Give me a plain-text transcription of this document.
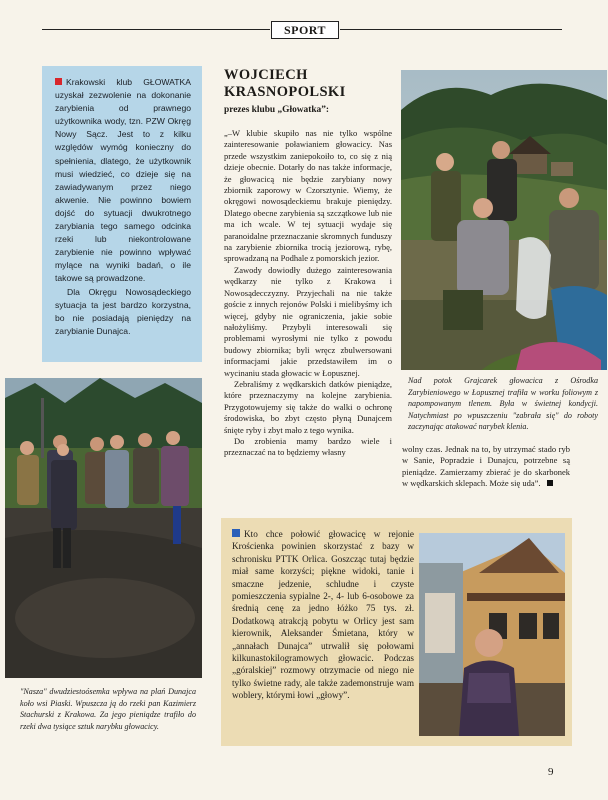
SPORT

Krakowski klub GŁOWATKA uzyskał zezwolenie na dokonanie zarybienia od prawnego użytkownika wody, tzn. PZW Okręg Nowy Sącz. Jest to z kilku względów wymóg konieczny do spełnienia, dlatego, że użytkownik musi wiedzieć, co dzieje się na zawiadywanym przez niego akwenie. Nie powinno bowiem dojść do sytuacji dwukrotnego zarybiania tego samego odcinka rzeki lub niekontrolowane zarybienie nie powinno wpływać mylące na wyniki badań, o ile takowe są prowadzone.

Dla Okręgu Nowosądeckiego sytuacja ta jest bardzo korzystna, bo nie posiadają pieniędzy na zarybianie Dunajca.

Nad potok Grajcarek głowacica z Ośrodka Zarybieniowego w Łopusznej trafiła w worku foliowym z napompowanym tlenem. Była w świetnej kondycji. Natychmiast po wpuszczeniu "zabrała się" do roboty zaczynając atakować narybek klenia.
WOJCIECH
KRASNOPOLSKI
prezes klubu „Głowatka”:

„–W klubie skupiło nas nie tylko wspólne zainteresowanie poławianiem głowacicy. Nas przede wszystkim zaniepokoiło to, co się z nią dzieje obecnie. Dotarły do nas także informacje, że głowacicą nie będzie zarybiany nowy zbiornik zaporowy w Czorsztynie. Wiemy, że okręgowi nowosądeckiemu brakuje pieniędzy. Dlatego obecne zarybienia są szczątkowe lub nie ma ich wcale. W tej sytuacji wydaje się paranoidalne przeznaczanie skromnych funduszy na zarybienie zbiornika trocią jeziorową, rybę, sprowadzaną na Podhale z pomorskich jezior.

Zawody dowiodły dużego zainteresowania wędkarzy nie tylko z Krakowa i Nowosądecczyzny. Przyjechali na nie także goście z innych rejonów Polski i mielibyśmy ich więcej, gdyby nie ograniczenia, jakie sobie nałożyliśmy. Przybyli interesowali się problemami wyrosłymi nie tylko z powodu budowy zbiornika; byli wręcz zbulwersowani informacjami jakie przedstawiłem im o wycinaniu stada głowacic w Łopusznej.

Zebraliśmy z wędkarskich datków pieniądze, które przeznaczymy na kolejne zarybienia. Przygotowujemy się także do walki o ochronę środowiska, bo zbyt często płyną Dunajcem śnięte ryby i zbyt mało z tego wynika.

Do zrobienia mamy bardzo wiele i przeznaczać na to będziemy własny	wolny czas. Jednak na to, by utrzymać stado ryb w Sanie, Popradzie i Dunajcu, potrzebne są pieniądze. Zamierzamy zbierać je do skarbonek w wędkarskich sklepach. Może się uda”.
"Nasza" dwudziestoósemka wpływa na plań Dunajca koło wsi Piaski. Wpuszcza ją do rzeki pan Kazimierz Stachurski z Krakowa. Za jego pieniądze trafiło do rzeki dwa tysiące sztuk narybku głowacicy.
Kto chce połowić głowacicę w rejonie Krościenka powinien skorzystać z bazy w schronisku PTTK Orlica. Goszcząc tutaj będzie miał same korzyści; piękne widoki, tanie i smaczne jedzenie, schludne i czyste pomieszczenia sypialne 2-, 4- lub 6-osobowe za średnią cenę za jedno łóżko 75 tys. zł. Dodatkową atrakcją pobytu w Orlicy jest sam kierownik, Aleksander Śmietana, który w „annałach Dunajca” utrwalił się połowami kilkunastokilogramowych głowacic. Podczas „góralskiej” rozmowy otrzymacie od niego nie tylko świetne rady, ale także zademonstruje wam woblery, którymi łowi „głowy”.
9
